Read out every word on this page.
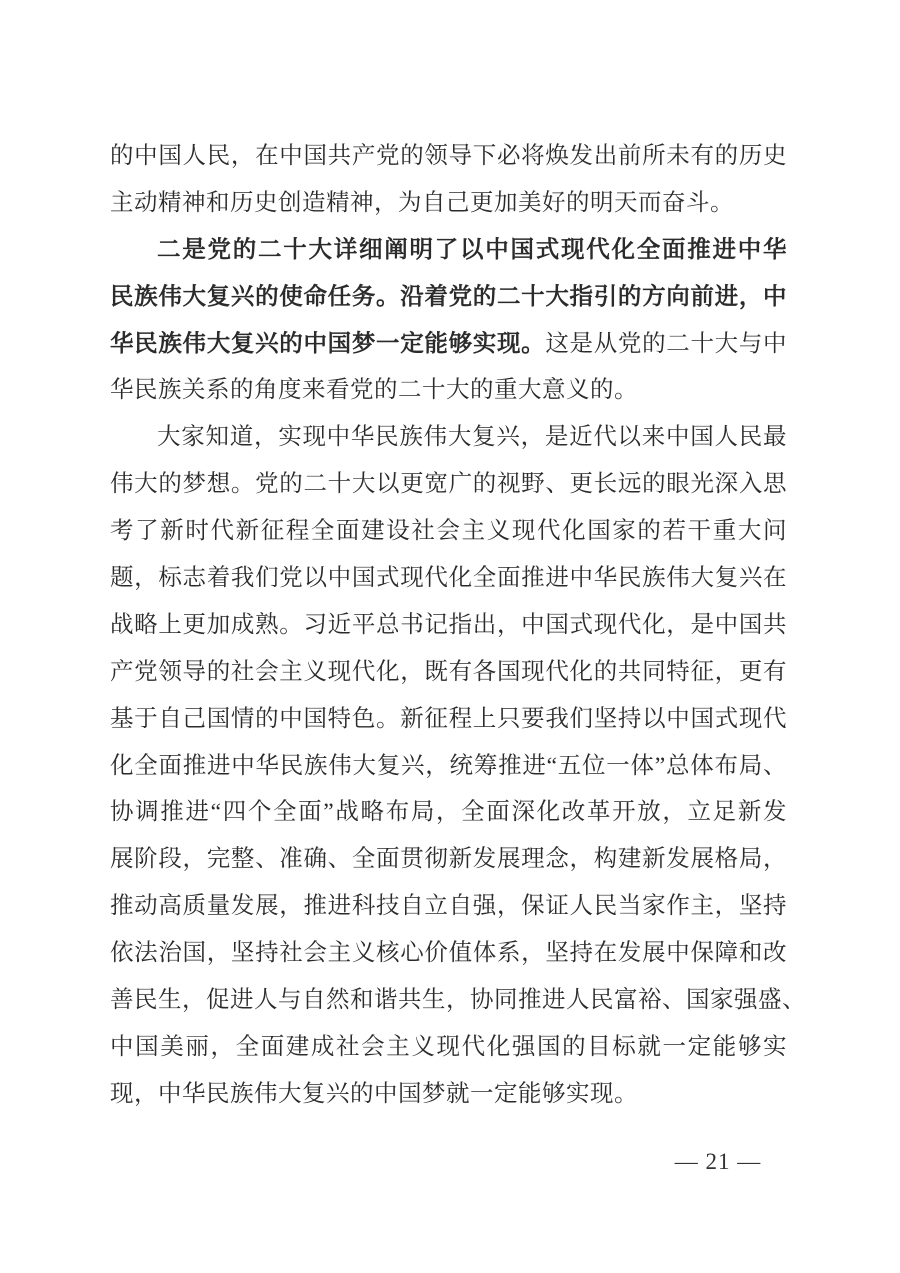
的中国人民，在中国共产党的领导下必将焕发出前所未有的历史
主动精神和历史创造精神，为自己更加美好的明天而奋斗。
二是党的二十大详细阐明了以中国式现代化全面推进中华
民族伟大复兴的使命任务。沿着党的二十大指引的方向前进，中
华民族伟大复兴的中国梦一定能够实现。这是从党的二十大与中
华民族关系的角度来看党的二十大的重大意义的。
大家知道，实现中华民族伟大复兴，是近代以来中国人民最
伟大的梦想。党的二十大以更宽广的视野、更长远的眼光深入思
考了新时代新征程全面建设社会主义现代化国家的若干重大问
题，标志着我们党以中国式现代化全面推进中华民族伟大复兴在
战略上更加成熟。习近平总书记指出，中国式现代化，是中国共
产党领导的社会主义现代化，既有各国现代化的共同特征，更有
基于自己国情的中国特色。新征程上只要我们坚持以中国式现代
化全面推进中华民族伟大复兴，统筹推进“五位一体”总体布局、
协调推进“四个全面”战略布局，全面深化改革开放，立足新发
展阶段，完整、准确、全面贯彻新发展理念，构建新发展格局，
推动高质量发展，推进科技自立自强，保证人民当家作主，坚持
依法治国，坚持社会主义核心价值体系，坚持在发展中保障和改
善民生，促进人与自然和谐共生，协同推进人民富裕、国家强盛、
中国美丽，全面建成社会主义现代化强国的目标就一定能够实
现，中华民族伟大复兴的中国梦就一定能够实现。
— 21 —
